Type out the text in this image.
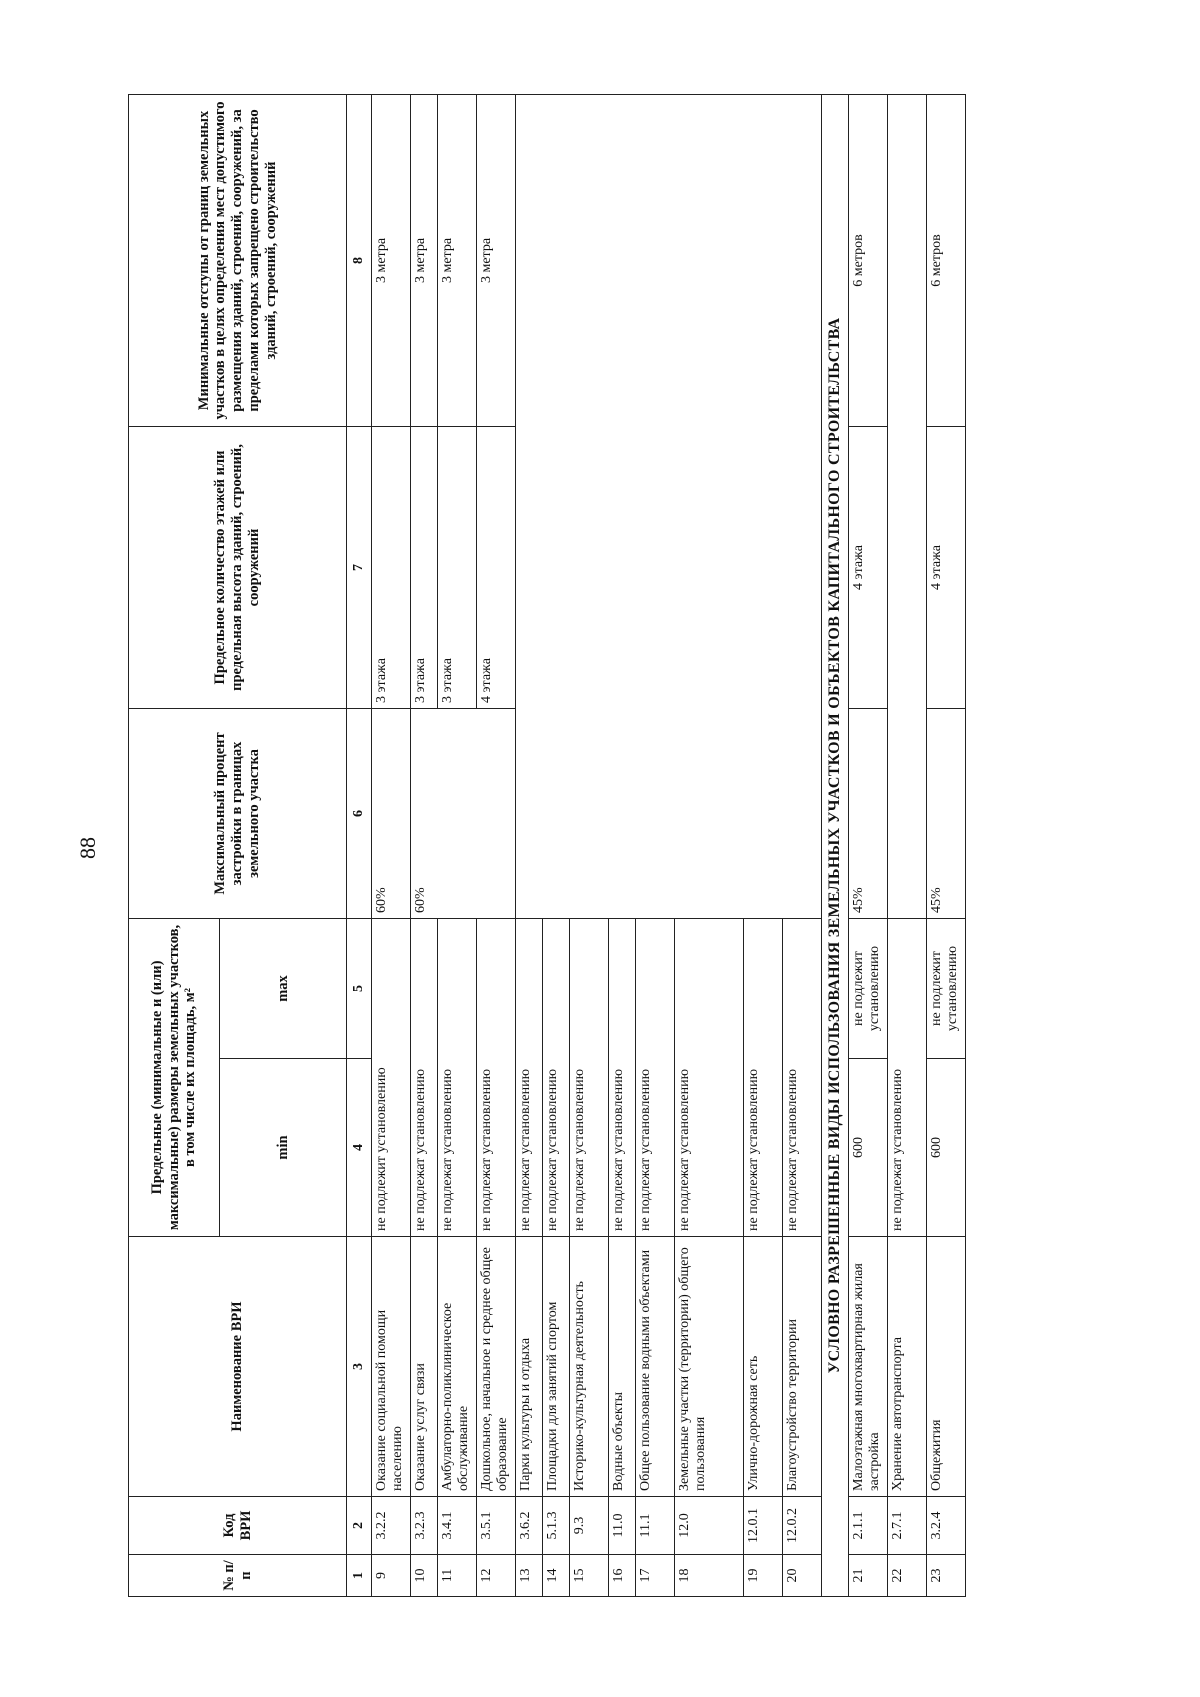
88
№ п/п	Код ВРИ	Наименование ВРИ	Предельные (минимальные и (или) максимальные) размеры земельных участков, в том числе их площадь, м²		Максимальный процент застройки в границах земельного участка	Предельное количество этажей или предельная высота зданий, строений, сооружений	Минимальные отступы от границ земельных участков в целях определения мест допустимого размещения зданий, строений, сооружений, за пределами которых запрещено строительство зданий, строений, сооружений
			min	max			
1	2	3	4	5	6	7	8
9	3.2.2	Оказание социальной помощи населению	не подлежит установлению		60%	3 этажа	3 метра
10	3.2.3	Оказание услуг связи	не подлежат установлению		60%	3 этажа	3 метра
11	3.4.1	Амбулаторно-поликлиническое обслуживание	не подлежат установлению			3 этажа	3 метра
12	3.5.1	Дошкольное, начальное и среднее общее образование	не подлежат установлению			4 этажа	3 метра
13	3.6.2	Парки культуры и отдыха	не подлежат установлению				
14	5.1.3	Площадки для занятий спортом	не подлежат установлению				
15	9.3	Историко-культурная деятельность	не подлежат установлению				
16	11.0	Водные объекты	не подлежат установлению				
17	11.1	Общее пользование водными объектами	не подлежат установлению				
18	12.0	Земельные участки (территории) общего пользования	не подлежат установлению				
19	12.0.1	Улично-дорожная сеть	не подлежат установлению				
20	12.0.2	Благоустройство территории	не подлежат установлению				
УСЛОВНО РАЗРЕШЕННЫЕ ВИДЫ ИСПОЛЬЗОВАНИЯ ЗЕМЕЛЬНЫХ УЧАСТКОВ И ОБЪЕКТОВ КАПИТАЛЬНОГО СТРОИТЕЛЬСТВА							
21	2.1.1	Малоэтажная многоквартирная жилая застройка	600	не подлежит установлению	45%	4 этажа	6 метров
22	2.7.1	Хранение автотранспорта	не подлежат установлению				
23	3.2.4	Общежития	600	не подлежит установлению	45%	4 этажа	6 метров
